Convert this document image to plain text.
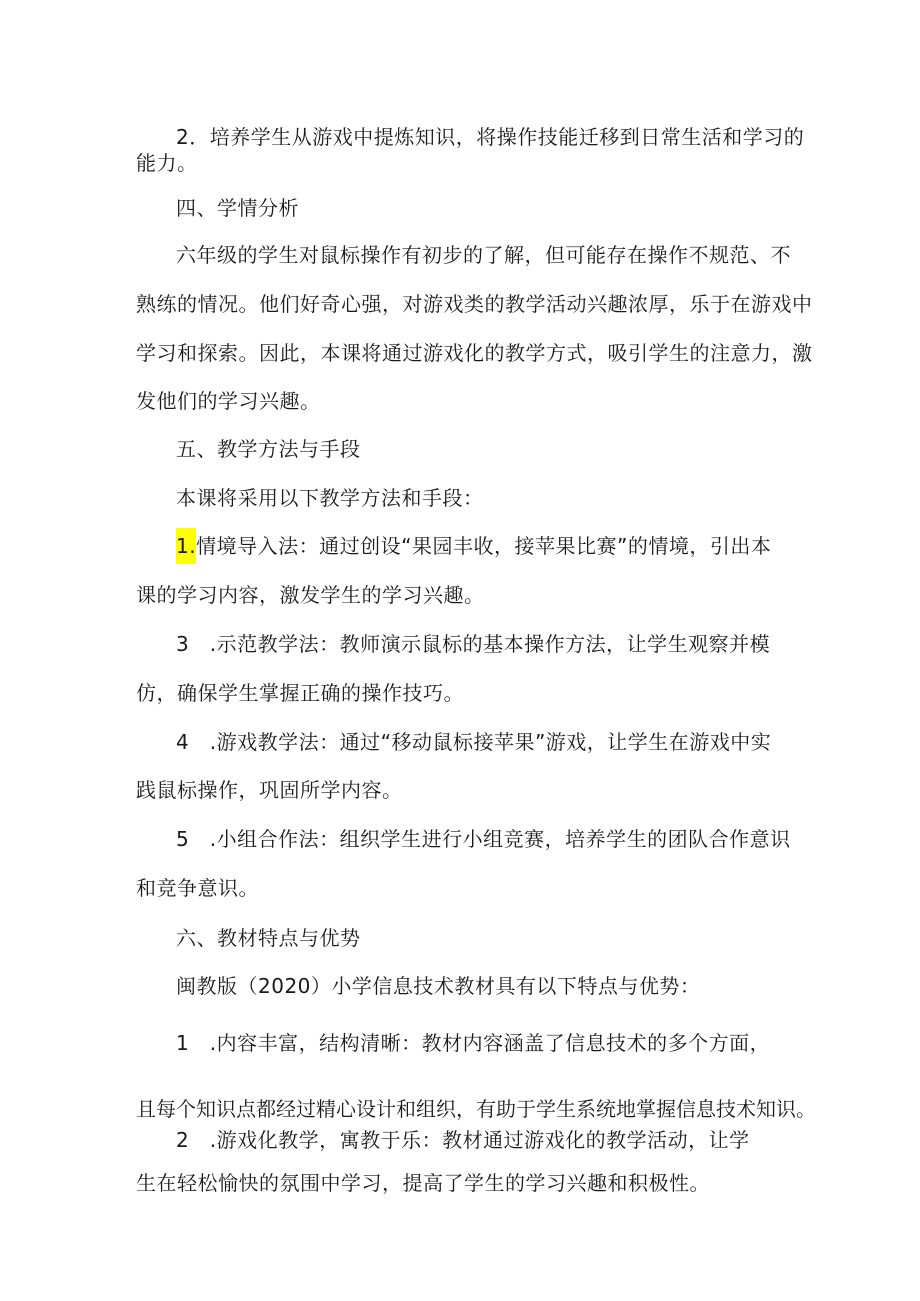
2．培养学生从游戏中提炼知识，将操作技能迁移到日常生活和学习的
能力。
四、学情分析
六年级的学生对鼠标操作有初步的了解，但可能存在操作不规范、不
熟练的情况。他们好奇心强，对游戏类的教学活动兴趣浓厚，乐于在游戏中
学习和探索。因此，本课将通过游戏化的教学方式，吸引学生的注意力，激
发他们的学习兴趣。
五、教学方法与手段
本课将采用以下教学方法和手段：
1.情境导入法：通过创设“果园丰收，接苹果比赛”的情境，引出本
课的学习内容，激发学生的学习兴趣。
3　.示范教学法：教师演示鼠标的基本操作方法，让学生观察并模
仿，确保学生掌握正确的操作技巧。
4　.游戏教学法：通过“移动鼠标接苹果”游戏，让学生在游戏中实
践鼠标操作，巩固所学内容。
5　.小组合作法：组织学生进行小组竞赛，培养学生的团队合作意识
和竞争意识。
六、教材特点与优势
闽教版（2020）小学信息技术教材具有以下特点与优势：
1　.内容丰富，结构清晰：教材内容涵盖了信息技术的多个方面，
且每个知识点都经过精心设计和组织，有助于学生系统地掌握信息技术知识。
2　.游戏化教学，寓教于乐：教材通过游戏化的教学活动，让学
生在轻松愉快的氛围中学习，提高了学生的学习兴趣和积极性。
